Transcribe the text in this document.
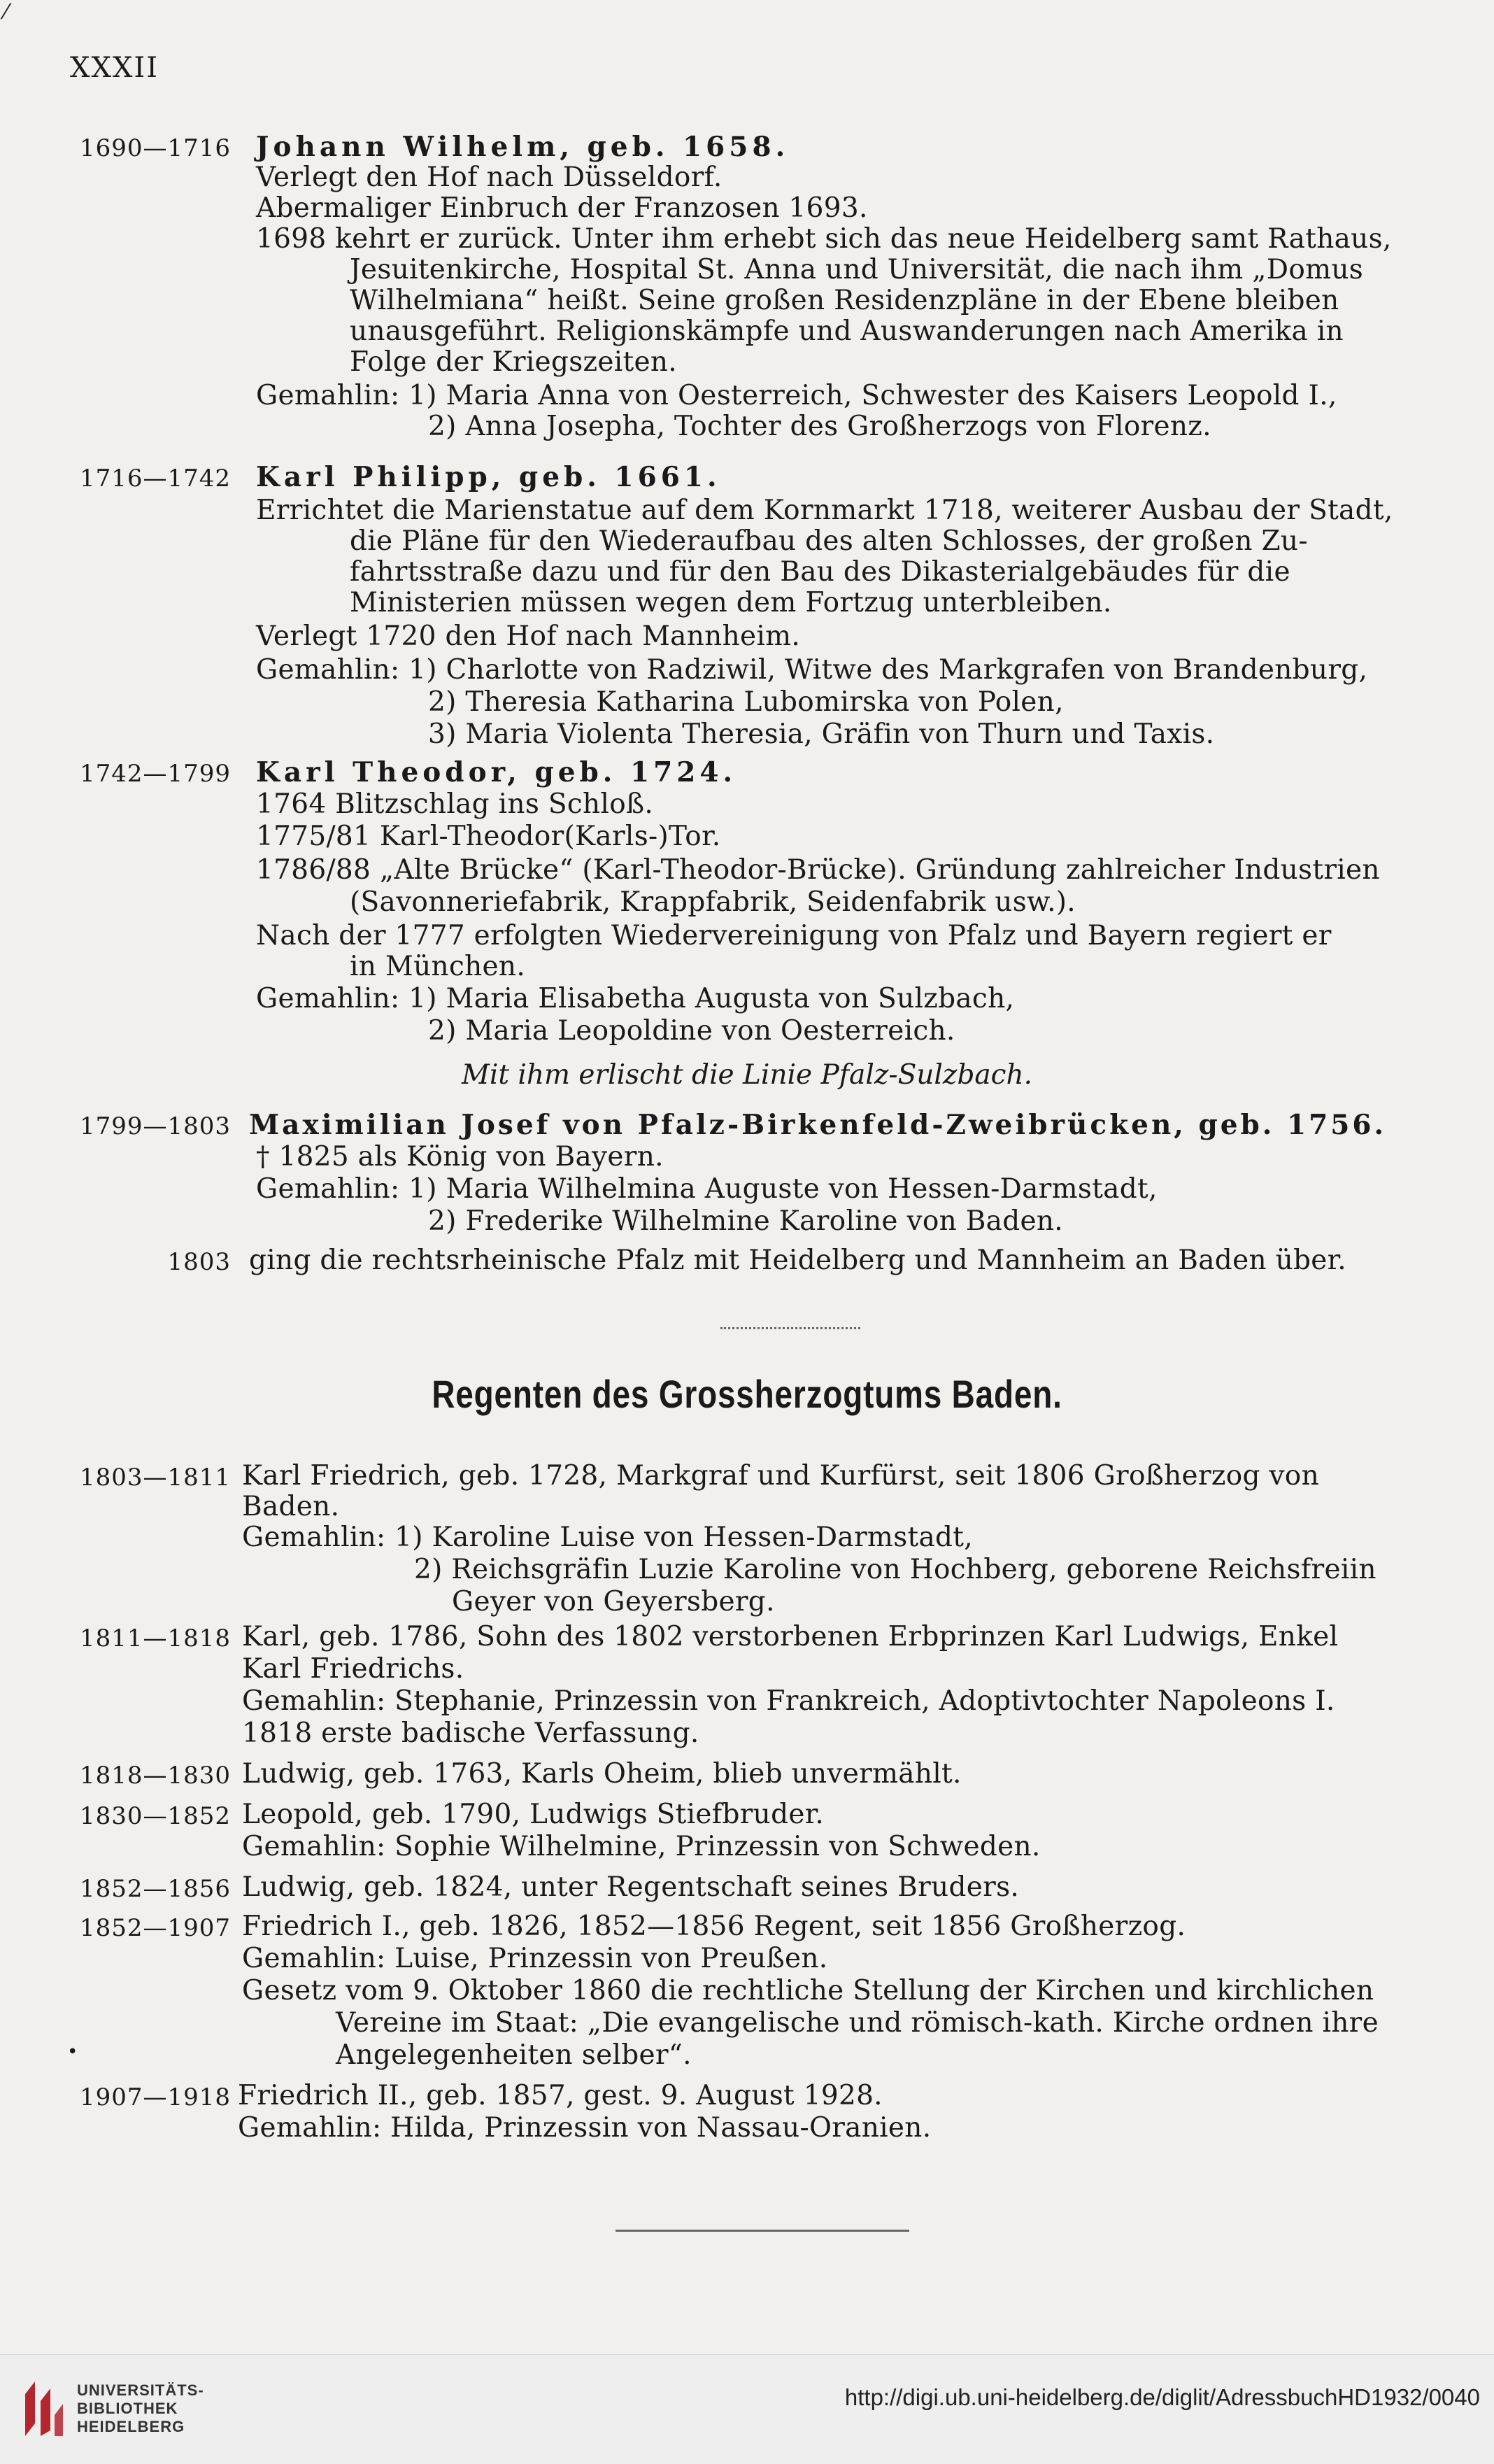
⁄
XXXII
1690—1716 Johann Wilhelm, geb. 1658.
Verlegt den Hof nach Düsseldorf.
Abermaliger Einbruch der Franzosen 1693.
1698 kehrt er zurück. Unter ihm erhebt sich das neue Heidelberg samt Rathaus,
Jesuitenkirche, Hospital St. Anna und Universität, die nach ihm „Domus
Wilhelmiana“ heißt. Seine großen Residenzpläne in der Ebene bleiben
unausgeführt. Religionskämpfe und Auswanderungen nach Amerika in
Folge der Kriegszeiten.
Gemahlin: 1) Maria Anna von Oesterreich, Schwester des Kaisers Leopold I.,
2) Anna Josepha, Tochter des Großherzogs von Florenz.
1716—1742 Karl Philipp, geb. 1661.
Errichtet die Marienstatue auf dem Kornmarkt 1718, weiterer Ausbau der Stadt,
die Pläne für den Wiederaufbau des alten Schlosses, der großen Zu-
fahrtsstraße dazu und für den Bau des Dikasterialgebäudes für die
Ministerien müssen wegen dem Fortzug unterbleiben.
Verlegt 1720 den Hof nach Mannheim.
Gemahlin: 1) Charlotte von Radziwil, Witwe des Markgrafen von Brandenburg,
2) Theresia Katharina Lubomirska von Polen,
3) Maria Violenta Theresia, Gräfin von Thurn und Taxis.
1742—1799 Karl Theodor, geb. 1724.
1764 Blitzschlag ins Schloß.
1775/81 Karl-Theodor(Karls-)Tor.
1786/88 „Alte Brücke“ (Karl-Theodor-Brücke). Gründung zahlreicher Industrien
(Savonneriefabrik, Krappfabrik, Seidenfabrik usw.).
Nach der 1777 erfolgten Wiedervereinigung von Pfalz und Bayern regiert er
in München.
Gemahlin: 1) Maria Elisabetha Augusta von Sulzbach,
2) Maria Leopoldine von Oesterreich.
Mit ihm erlischt die Linie Pfalz-Sulzbach.
1799—1803 Maximilian Josef von Pfalz-Birkenfeld-Zweibrücken, geb. 1756.
† 1825 als König von Bayern.
Gemahlin: 1) Maria Wilhelmina Auguste von Hessen-Darmstadt,
2) Frederike Wilhelmine Karoline von Baden.
1803 ging die rechtsrheinische Pfalz mit Heidelberg und Mannheim an Baden über.
Regenten des Grossherzogtums Baden.
1803—1811 Karl Friedrich, geb. 1728, Markgraf und Kurfürst, seit 1806 Großherzog von
Baden.
Gemahlin: 1) Karoline Luise von Hessen-Darmstadt,
2) Reichsgräfin Luzie Karoline von Hochberg, geborene Reichsfreiin
Geyer von Geyersberg.
1811—1818 Karl, geb. 1786, Sohn des 1802 verstorbenen Erbprinzen Karl Ludwigs, Enkel
Karl Friedrichs.
Gemahlin: Stephanie, Prinzessin von Frankreich, Adoptivtochter Napoleons I.
1818 erste badische Verfassung.
1818—1830 Ludwig, geb. 1763, Karls Oheim, blieb unvermählt.
1830—1852 Leopold, geb. 1790, Ludwigs Stiefbruder.
Gemahlin: Sophie Wilhelmine, Prinzessin von Schweden.
1852—1856 Ludwig, geb. 1824, unter Regentschaft seines Bruders.
1852—1907 Friedrich I., geb. 1826, 1852—1856 Regent, seit 1856 Großherzog.
Gemahlin: Luise, Prinzessin von Preußen.
Gesetz vom 9. Oktober 1860 die rechtliche Stellung der Kirchen und kirchlichen
Vereine im Staat: „Die evangelische und römisch-kath. Kirche ordnen ihre
Angelegenheiten selber“.
•
1907—1918 Friedrich II., geb. 1857, gest. 9. August 1928.
Gemahlin: Hilda, Prinzessin von Nassau-Oranien.
UNIVERSITÄTS-
BIBLIOTHEK
HEIDELBERG
http://digi.ub.uni-heidelberg.de/diglit/AdressbuchHD1932/0040
